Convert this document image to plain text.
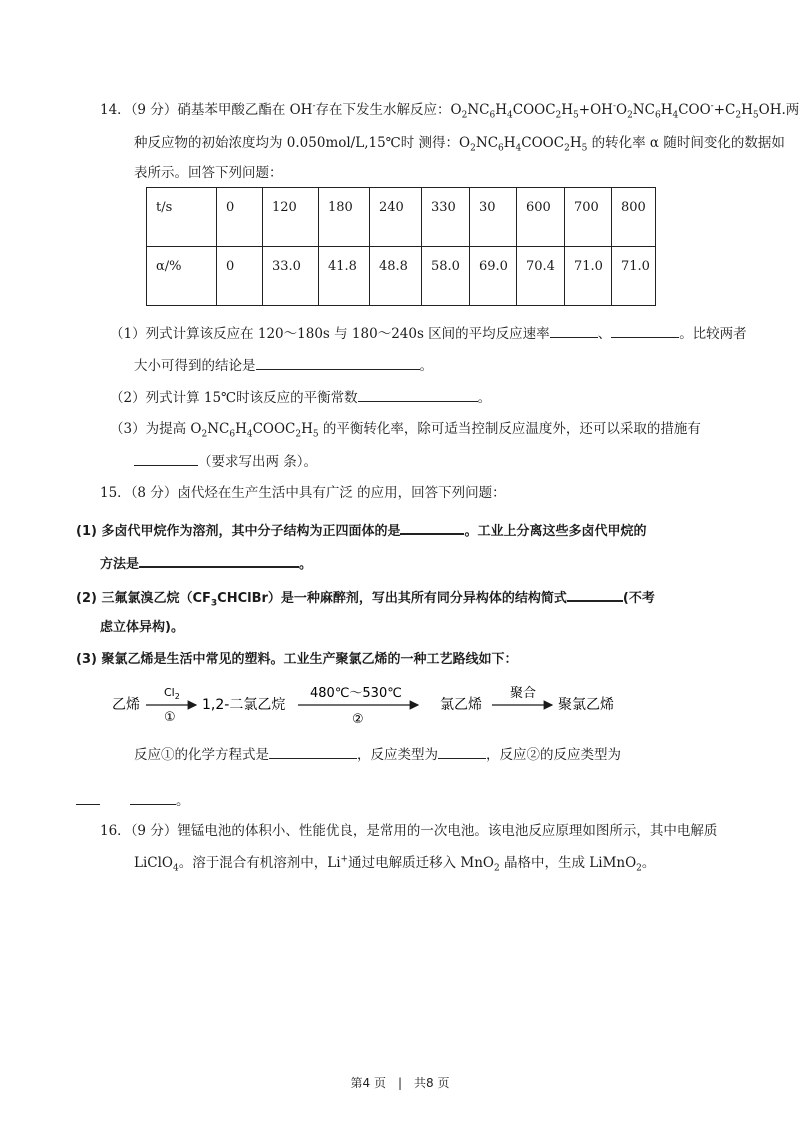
14．（9 分）硝基苯甲酸乙酯在 OH-存在下发生水解反应：$O_2NC_6H_4COOC_2H_5+OH^-O_2NC_6H_4COO^-+C_2H_5OH$.两
种反应物的初始浓度均为 0.050mol/L,15℃时 测得：$O_2NC_6H_4COOC_2H_5$ 的转化率 α 随时间变化的数据如
表所示。回答下列问题：
t/s	0	120	180	240	330	30	600	700	800
α/%	0	33.0	41.8	48.8	58.0	69.0	70.4	71.0	71.0
（1）列式计算该反应在 120～180s 与 180～240s 区间的平均反应速率	、	。比较两者
大小可得到的结论是	。
（2）列式计算 15℃时该反应的平衡常数	。
（3）为提高 $O_2NC_6H_4COOC_2H_5$ 的平衡转化率，除可适当控制反应温度外，还可以采取的措施有
（要求写出两 条）。
15．（8 分）卤代烃在生产生活中具有广泛 的应用，回答下列问题：
(1) 多卤代甲烷作为溶剂，其中分子结构为正四面体的是	。工业上分离这些多卤代甲烷的
方法是	。
(2) 三氟氯溴乙烷$(CF_3CHClBr)$是一种麻醉剂，写出其所有同分异构体的结构简式	(不考
虑立体异构)。
(3) 聚氯乙烯是生活中常见的塑料。工业生产聚氯乙烯的一种工艺路线如下：
乙烯
$Cl_2$
①
1,2-二氯乙烷
480℃～530℃
②
氯乙烯
聚合
聚氯乙烯
反应①的化学方程式是	，反应类型为	，反应②的反应类型为
。
16．（9 分）锂锰电池的体积小、性能优良，是常用的一次电池。该电池反应原理如图所示，其中电解质
LiClO$_4$。溶于混合有机溶剂中，Li+通过电解质迁移入 MnO$_2$ 晶格中，生成 LiMnO$_2$。
第4 页 | 共8 页
